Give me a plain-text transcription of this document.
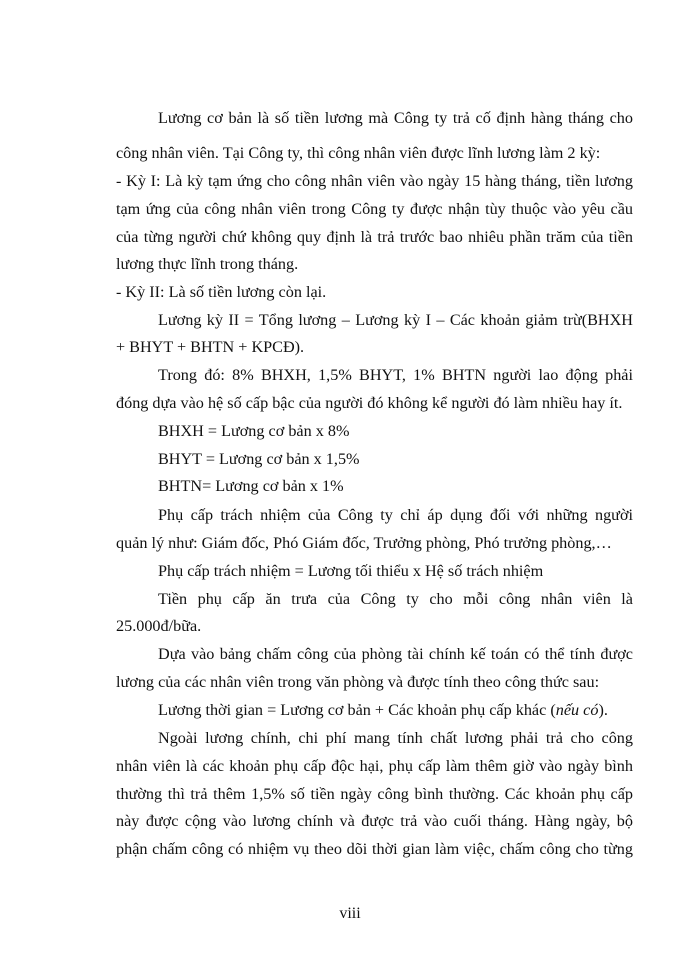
Lương cơ bản là số tiền lương mà Công ty trả cố định hàng tháng cho
công nhân viên. Tại Công ty, thì công nhân viên được lĩnh lương làm 2 kỳ:
- Kỳ I: Là kỳ tạm ứng cho công nhân viên vào ngày 15 hàng tháng, tiền lương
tạm ứng của công nhân viên trong Công ty được nhận tùy thuộc vào yêu cầu
của từng người chứ không quy định là trả trước bao nhiêu phần trăm của tiền
lương thực lĩnh trong tháng.
- Kỳ II: Là số tiền lương còn lại.
Lương kỳ II = Tổng lương – Lương kỳ I – Các khoản giảm trừ(BHXH
+ BHYT + BHTN + KPCĐ).
Trong đó: 8% BHXH, 1,5% BHYT, 1% BHTN người lao động phải
đóng dựa vào hệ số cấp bậc của người đó không kể người đó làm nhiều hay ít.
BHXH = Lương cơ bản x 8%
BHYT = Lương cơ bản x 1,5%
BHTN= Lương cơ bản x 1%
Phụ cấp trách nhiệm của Công ty chỉ áp dụng đối với những người
quản lý như: Giám đốc, Phó Giám đốc, Trưởng phòng, Phó trưởng phòng,…
Phụ cấp trách nhiệm = Lương tối thiểu x Hệ số trách nhiệm
Tiền phụ cấp ăn trưa của Công ty cho mỗi công nhân viên là
25.000đ/bữa.
Dựa vào bảng chấm công của phòng tài chính kế toán có thể tính được
lương của các nhân viên trong văn phòng và được tính theo công thức sau:
Lương thời gian = Lương cơ bản + Các khoản phụ cấp khác (nếu có).
Ngoài lương chính, chi phí mang tính chất lương phải trả cho công
nhân viên là các khoản phụ cấp độc hại, phụ cấp làm thêm giờ vào ngày bình
thường thì trả thêm 1,5% số tiền ngày công bình thường. Các khoản phụ cấp
này được cộng vào lương chính và được trả vào cuối tháng. Hàng ngày, bộ
phận chấm công có nhiệm vụ theo dõi thời gian làm việc, chấm công cho từng
viii
